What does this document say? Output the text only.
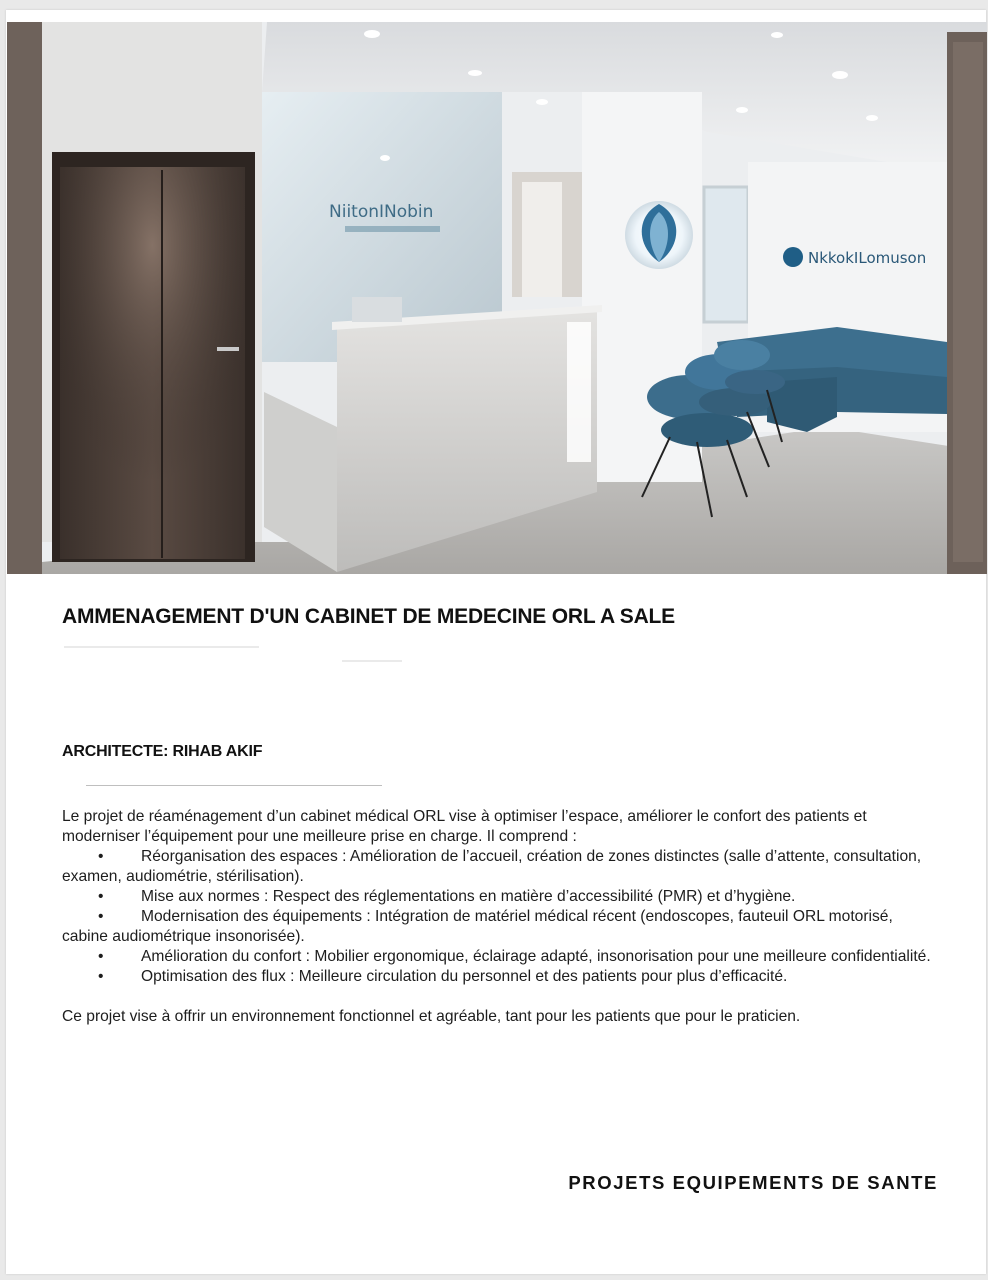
NkkokILomuson
NiitonINobin
AMMENAGEMENT D'UN CABINET DE MEDECINE ORL A SALE
ARCHITECTE: RIHAB AKIF

Le projet de réaménagement d’un cabinet médical ORL vise à optimiser l’espace, améliorer le confort des patients et moderniser l’équipement pour une meilleure prise en charge. Il comprend :

• Réorganisation des espaces : Amélioration de l’accueil, création de zones distinctes (salle d’attente, consultation, examen, audiométrie, stérilisation).
• Mise aux normes : Respect des réglementations en matière d’accessibilité (PMR) et d’hygiène.
• Modernisation des équipements : Intégration de matériel médical récent (endoscopes, fauteuil ORL motorisé, cabine audiométrique insonorisée).
• Amélioration du confort : Mobilier ergonomique, éclairage adapté, insonorisation pour une meilleure confidentialité.
• Optimisation des flux : Meilleure circulation du personnel et des patients pour plus d’efficacité.

Ce projet vise à offrir un environnement fonctionnel et agréable, tant pour les patients que pour le praticien.

PROJETS EQUIPEMENTS DE SANTE
